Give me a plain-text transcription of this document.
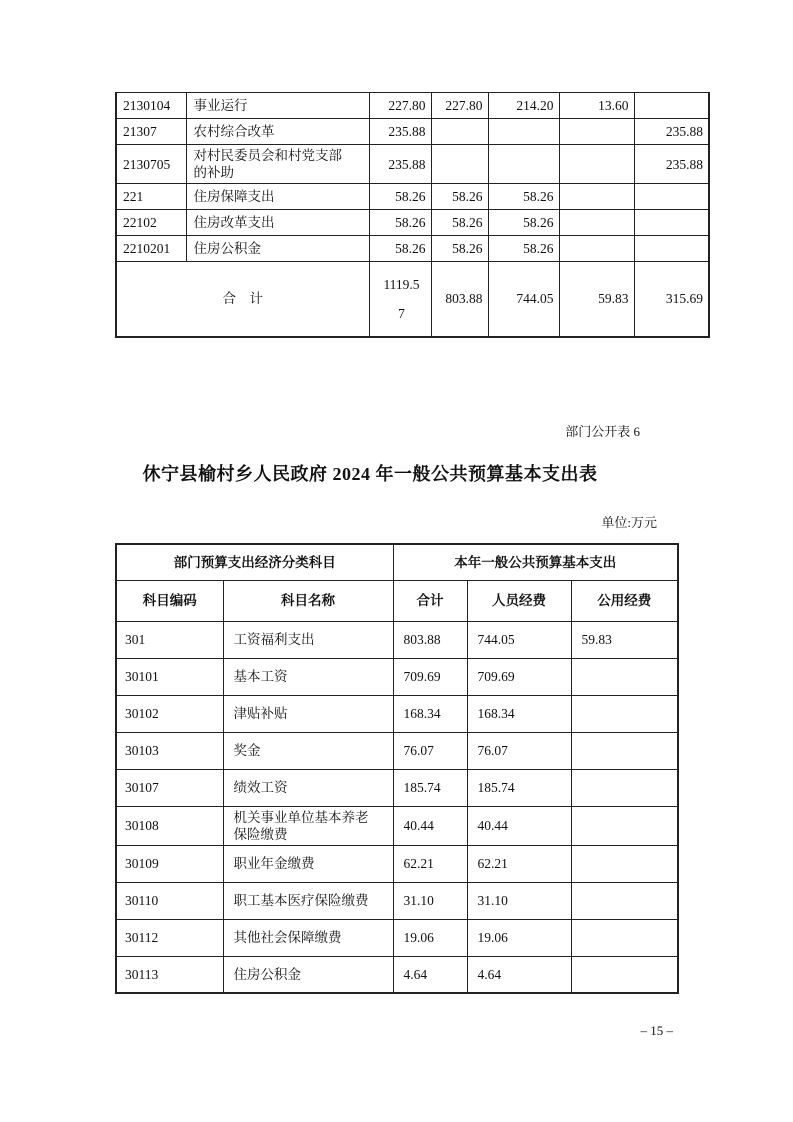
2130104	事业运行	227.80	227.80	214.20	13.60	
21307	农村综合改革	235.88				235.88
2130705	对村民委员会和村党支部的补助	235.88				235.88
221	住房保障支出	58.26	58.26	58.26		
22102	住房改革支出	58.26	58.26	58.26		
2210201	住房公积金	58.26	58.26	58.26		
合　计		1119.57	803.88	744.05	59.83	315.69
部门公开表 6
休宁县榆村乡人民政府 2024 年一般公共预算基本支出表
单位:万元
部门预算支出经济分类科目		本年一般公共预算基本支出		
科目编码	科目名称	合计	人员经费	公用经费
301	工资福利支出	803.88	744.05	59.83
30101	基本工资	709.69	709.69	
30102	津贴补贴	168.34	168.34	
30103	奖金	76.07	76.07	
30107	绩效工资	185.74	185.74	
30108	机关事业单位基本养老保险缴费	40.44	40.44	
30109	职业年金缴费	62.21	62.21	
30110	职工基本医疗保险缴费	31.10	31.10	
30112	其他社会保障缴费	19.06	19.06	
30113	住房公积金	4.64	4.64	
– 15 –
